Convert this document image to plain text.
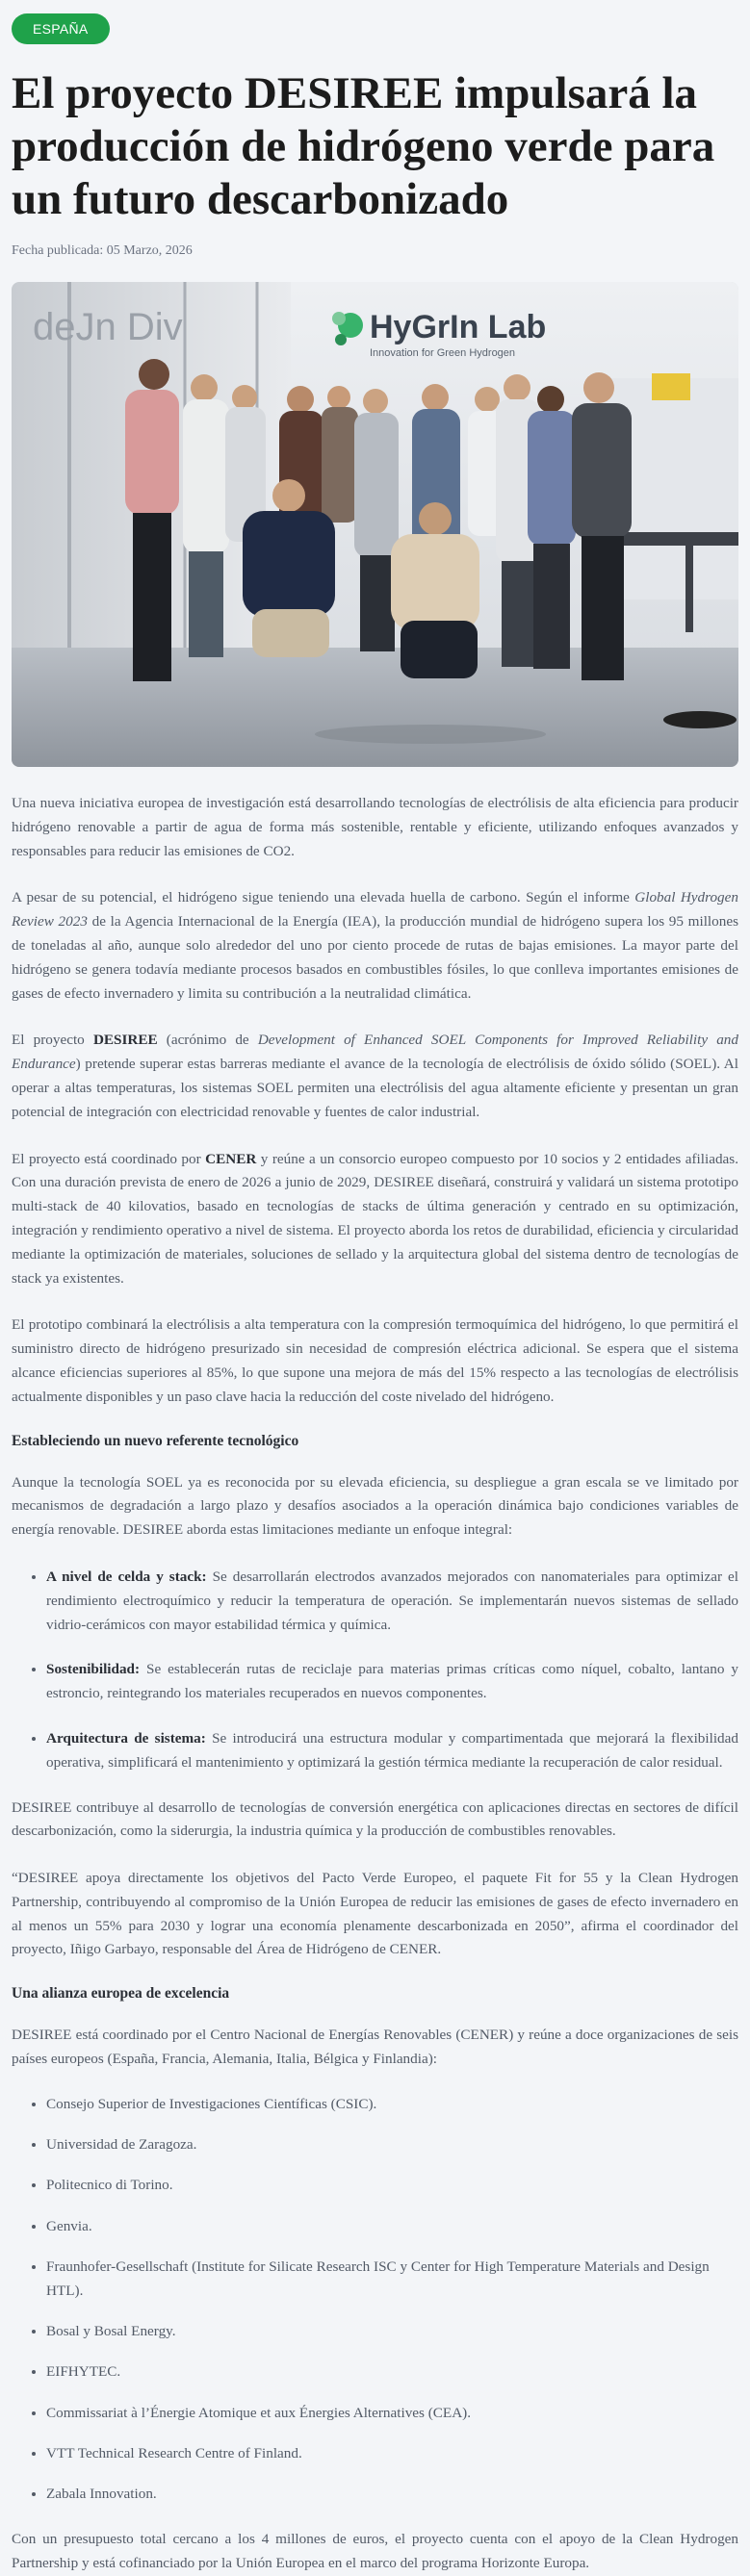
ESPAÑA
El proyecto DESIREE impulsará la producción de hidrógeno verde para un futuro descarbonizado
Fecha publicada: 05 Marzo, 2026
deJn Div	HyGrIn Lab
Innovation for Green Hydrogen

Una nueva iniciativa europea de investigación está desarrollando tecnologías de electrólisis de alta eficiencia para producir hidrógeno renovable a partir de agua de forma más sostenible, rentable y eficiente, utilizando enfoques avanzados y responsables para reducir las emisiones de CO2.

A pesar de su potencial, el hidrógeno sigue teniendo una elevada huella de carbono. Según el informe Global Hydrogen Review 2023 de la Agencia Internacional de la Energía (IEA), la producción mundial de hidrógeno supera los 95 millones de toneladas al año, aunque solo alrededor del uno por ciento procede de rutas de bajas emisiones. La mayor parte del hidrógeno se genera todavía mediante procesos basados en combustibles fósiles, lo que conlleva importantes emisiones de gases de efecto invernadero y limita su contribución a la neutralidad climática.

El proyecto DESIREE (acrónimo de Development of Enhanced SOEL Components for Improved Reliability and Endurance) pretende superar estas barreras mediante el avance de la tecnología de electrólisis de óxido sólido (SOEL). Al operar a altas temperaturas, los sistemas SOEL permiten una electrólisis del agua altamente eficiente y presentan un gran potencial de integración con electricidad renovable y fuentes de calor industrial.

El proyecto está coordinado por CENER y reúne a un consorcio europeo compuesto por 10 socios y 2 entidades afiliadas. Con una duración prevista de enero de 2026 a junio de 2029, DESIREE diseñará, construirá y validará un sistema prototipo multi-stack de 40 kilovatios, basado en tecnologías de stacks de última generación y centrado en su optimización, integración y rendimiento operativo a nivel de sistema. El proyecto aborda los retos de durabilidad, eficiencia y circularidad mediante la optimización de materiales, soluciones de sellado y la arquitectura global del sistema dentro de tecnologías de stack ya existentes.

El prototipo combinará la electrólisis a alta temperatura con la compresión termoquímica del hidrógeno, lo que permitirá el suministro directo de hidrógeno presurizado sin necesidad de compresión eléctrica adicional. Se espera que el sistema alcance eficiencias superiores al 85%, lo que supone una mejora de más del 15% respecto a las tecnologías de electrólisis actualmente disponibles y un paso clave hacia la reducción del coste nivelado del hidrógeno.

Estableciendo un nuevo referente tecnológico

Aunque la tecnología SOEL ya es reconocida por su elevada eficiencia, su despliegue a gran escala se ve limitado por mecanismos de degradación a largo plazo y desafíos asociados a la operación dinámica bajo condiciones variables de energía renovable. DESIREE aborda estas limitaciones mediante un enfoque integral:

• A nivel de celda y stack: Se desarrollarán electrodos avanzados mejorados con nanomateriales para optimizar el rendimiento electroquímico y reducir la temperatura de operación. Se implementarán nuevos sistemas de sellado vidrio-cerámicos con mayor estabilidad térmica y química.
• Sostenibilidad: Se establecerán rutas de reciclaje para materias primas críticas como níquel, cobalto, lantano y estroncio, reintegrando los materiales recuperados en nuevos componentes.
• Arquitectura de sistema: Se introducirá una estructura modular y compartimentada que mejorará la flexibilidad operativa, simplificará el mantenimiento y optimizará la gestión térmica mediante la recuperación de calor residual.

DESIREE contribuye al desarrollo de tecnologías de conversión energética con aplicaciones directas en sectores de difícil descarbonización, como la siderurgia, la industria química y la producción de combustibles renovables.

“DESIREE apoya directamente los objetivos del Pacto Verde Europeo, el paquete Fit for 55 y la Clean Hydrogen Partnership, contribuyendo al compromiso de la Unión Europea de reducir las emisiones de gases de efecto invernadero en al menos un 55% para 2030 y lograr una economía plenamente descarbonizada en 2050”, afirma el coordinador del proyecto, Iñigo Garbayo, responsable del Área de Hidrógeno de CENER.

Una alianza europea de excelencia

DESIREE está coordinado por el Centro Nacional de Energías Renovables (CENER) y reúne a doce organizaciones de seis países europeos (España, Francia, Alemania, Italia, Bélgica y Finlandia):

• Consejo Superior de Investigaciones Científicas (CSIC).
• Universidad de Zaragoza.
• Politecnico di Torino.
• Genvia.
• Fraunhofer-Gesellschaft (Institute for Silicate Research ISC y Center for High Temperature Materials and Design HTL).
• Bosal y Bosal Energy.
• EIFHYTEC.
• Commissariat à l’Énergie Atomique et aux Énergies Alternatives (CEA).
• VTT Technical Research Centre of Finland.
• Zabala Innovation.

Con un presupuesto total cercano a los 4 millones de euros, el proyecto cuenta con el apoyo de la Clean Hydrogen Partnership y está cofinanciado por la Unión Europea en el marco del programa Horizonte Europa.
